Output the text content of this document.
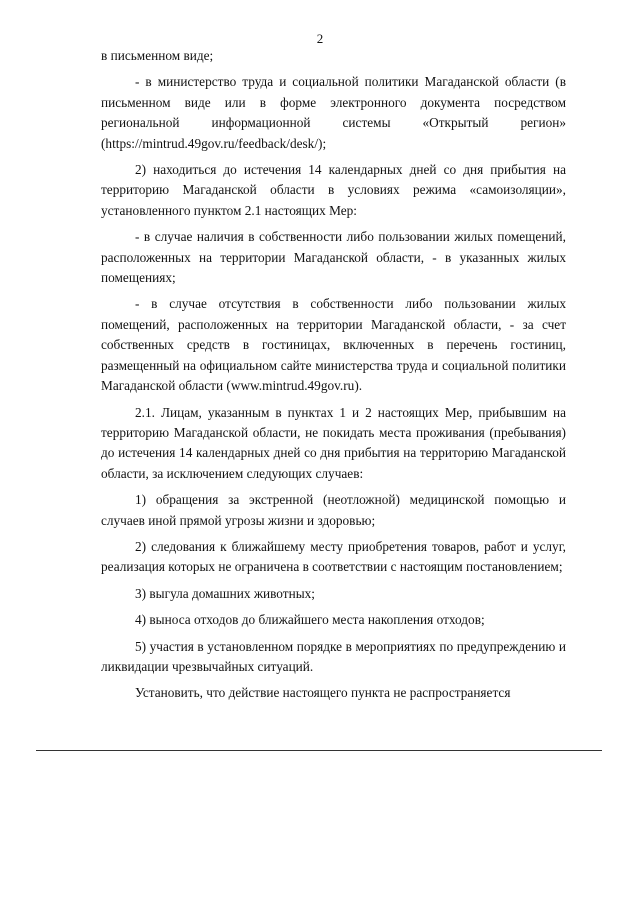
2

в письменном виде;

- в министерство труда и социальной политики Магаданской области (в письменном виде или в форме электронного документа посредством региональной информационной системы «Открытый регион» (https://mintrud.49gov.ru/feedback/desk/);

2) находиться до истечения 14 календарных дней со дня прибытия на территорию Магаданской области в условиях режима «самоизоляции», установленного пунктом 2.1 настоящих Мер:

- в случае наличия в собственности либо пользовании жилых помещений, расположенных на территории Магаданской области, - в указанных жилых помещениях;

- в случае отсутствия в собственности либо пользовании жилых помещений, расположенных на территории Магаданской области, - за счет собственных средств в гостиницах, включенных в перечень гостиниц, размещенный на официальном сайте министерства труда и социальной политики Магаданской области (www.mintrud.49gov.ru).

2.1. Лицам, указанным в пунктах 1 и 2 настоящих Мер, прибывшим на территорию Магаданской области, не покидать места проживания (пребывания) до истечения 14 календарных дней со дня прибытия на территорию Магаданской области, за исключением следующих случаев:

1) обращения за экстренной (неотложной) медицинской помощью и случаев иной прямой угрозы жизни и здоровью;

2) следования к ближайшему месту приобретения товаров, работ и услуг, реализация которых не ограничена в соответствии с настоящим постановлением;

3) выгула домашних животных;

4) выноса отходов до ближайшего места накопления отходов;

5) участия в установленном порядке в мероприятиях по предупреждению и ликвидации чрезвычайных ситуаций.

Установить, что действие настоящего пункта не распространяется
